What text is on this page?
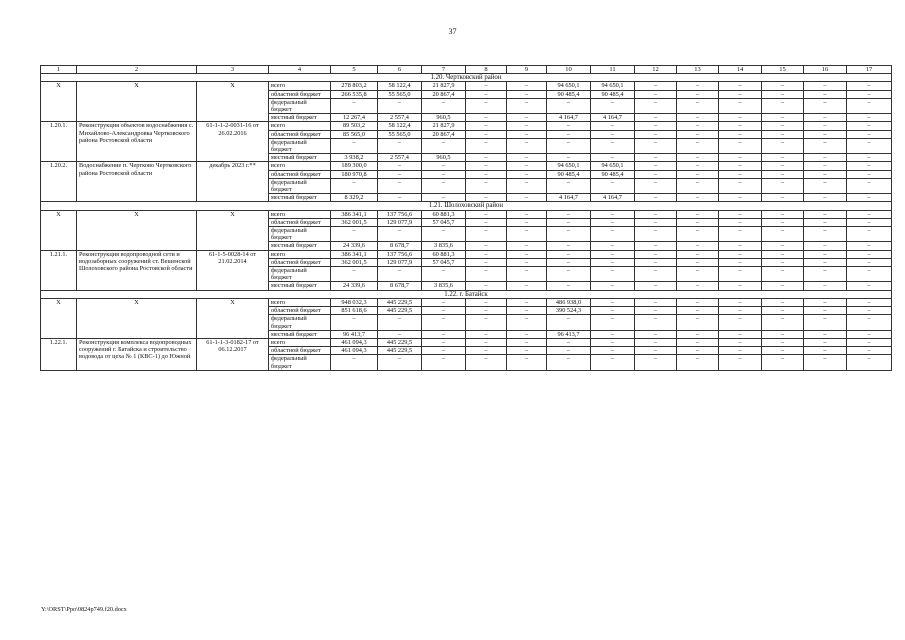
37
1	2	3	4	5	6	7	8	9	10	11	12	13	14	15	16	17
1.20. Чертковский район																
Х	Х	Х	всего	278 803,2	58 122,4	21 827,9	–	–	94 650,1	94 650,1	–	–	–	–	–	–
			областной бюджет	266 535,8	55 565,0	20 867,4	–	–	90 485,4	90 485,4	–	–	–	–	–	–
			федеральный бюджет	–	–	–	–	–	–	–	–	–	–	–	–	–
			местный бюджет	12 267,4	2 557,4	960,5	–	–	4 164,7	4 164,7	–	–	–	–	–	–
1.20.1.	Реконструкция объектов водоснабжения с. Михайлово-Александровка Чертковского района Ростовской области	61-1-1-2-0031-16 от 26.02.2016	всего	89 503,2	58 122,4	21 827,9	–	–	–	–	–	–	–	–	–	–
			областной бюджет	85 565,0	55 565,0	20 867,4	–	–	–	–	–	–	–	–	–	–
			федеральный бюджет	–	–	–	–	–	–	–	–	–	–	–	–	–
			местный бюджет	3 938,2	2 557,4	960,5	–	–	–	–	–	–	–	–	–	–
1.20.2.	Водоснабжение п. Чертково Чертковского района Ростовской области	декабрь 2023 г.**	всего	189 300,0	–	–	–	–	94 650,1	94 650,1	–	–	–	–	–	–
			областной бюджет	180 970,8	–	–	–	–	90 485,4	90 485,4	–	–	–	–	–	–
			федеральный бюджет	–	–	–	–	–	–	–	–	–	–	–	–	–
			местный бюджет	8 329,2	–	–	–	–	4 164,7	4 164,7	–	–	–	–	–	–
1.21. Шолоховский район																
Х	Х	Х	всего	386 341,1	137 756,6	60 881,3	–	–	–	–	–	–	–	–	–	–
			областной бюджет	362 001,5	129 077,9	57 045,7	–	–	–	–	–	–	–	–	–	–
			федеральный бюджет	–	–	–	–	–	–	–	–	–	–	–	–	–
			местный бюджет	24 339,6	8 678,7	3 835,6	–	–	–	–	–	–	–	–	–	–
1.21.1.	Реконструкция водопроводной сети и водозаборных сооружений ст. Вешенской Шолоховского района Ростовской области	61-1-5-0028-14 от 21.02.2014	всего	386 341,1	137 756,6	60 881,3	–	–	–	–	–	–	–	–	–	–
			областной бюджет	362 001,5	129 077,9	57 045,7	–	–	–	–	–	–	–	–	–	–
			федеральный бюджет	–	–	–	–	–	–	–	–	–	–	–	–	–
			местный бюджет	24 339,6	8 678,7	3 835,6	–	–	–	–	–	–	–	–	–	–
1.22. г. Батайск																
Х	Х	Х	всего	948 032,3	445 229,5	–	–	–	486 938,0	–	–	–	–	–	–	–
			областной бюджет	851 618,6	445 229,5	–	–	–	390 524,3	–	–	–	–	–	–	–
			федеральный бюджет	–	–	–	–	–	–	–	–	–	–	–	–	–
			местный бюджет	96 413,7	–	–	–	–	96 413,7	–	–	–	–	–	–	–
1.22.1.	Реконструкция комплекса водопроводных сооружений г. Батайска и строительство водовода от цеха № 1 (КВС-1) до Южной	61-1-1-3-0182-17 от 06.12.2017	всего	461 094,3	445 229,5	–	–	–	–	–	–	–	–	–	–	–
			областной бюджет	461 094,3	445 229,5	–	–	–	–	–	–	–	–	–	–	–
			федеральный бюджет	–	–	–	–	–	–	–	–	–	–	–	–	–
Y:\ORST\Ppo\0824p749.f20.docx
